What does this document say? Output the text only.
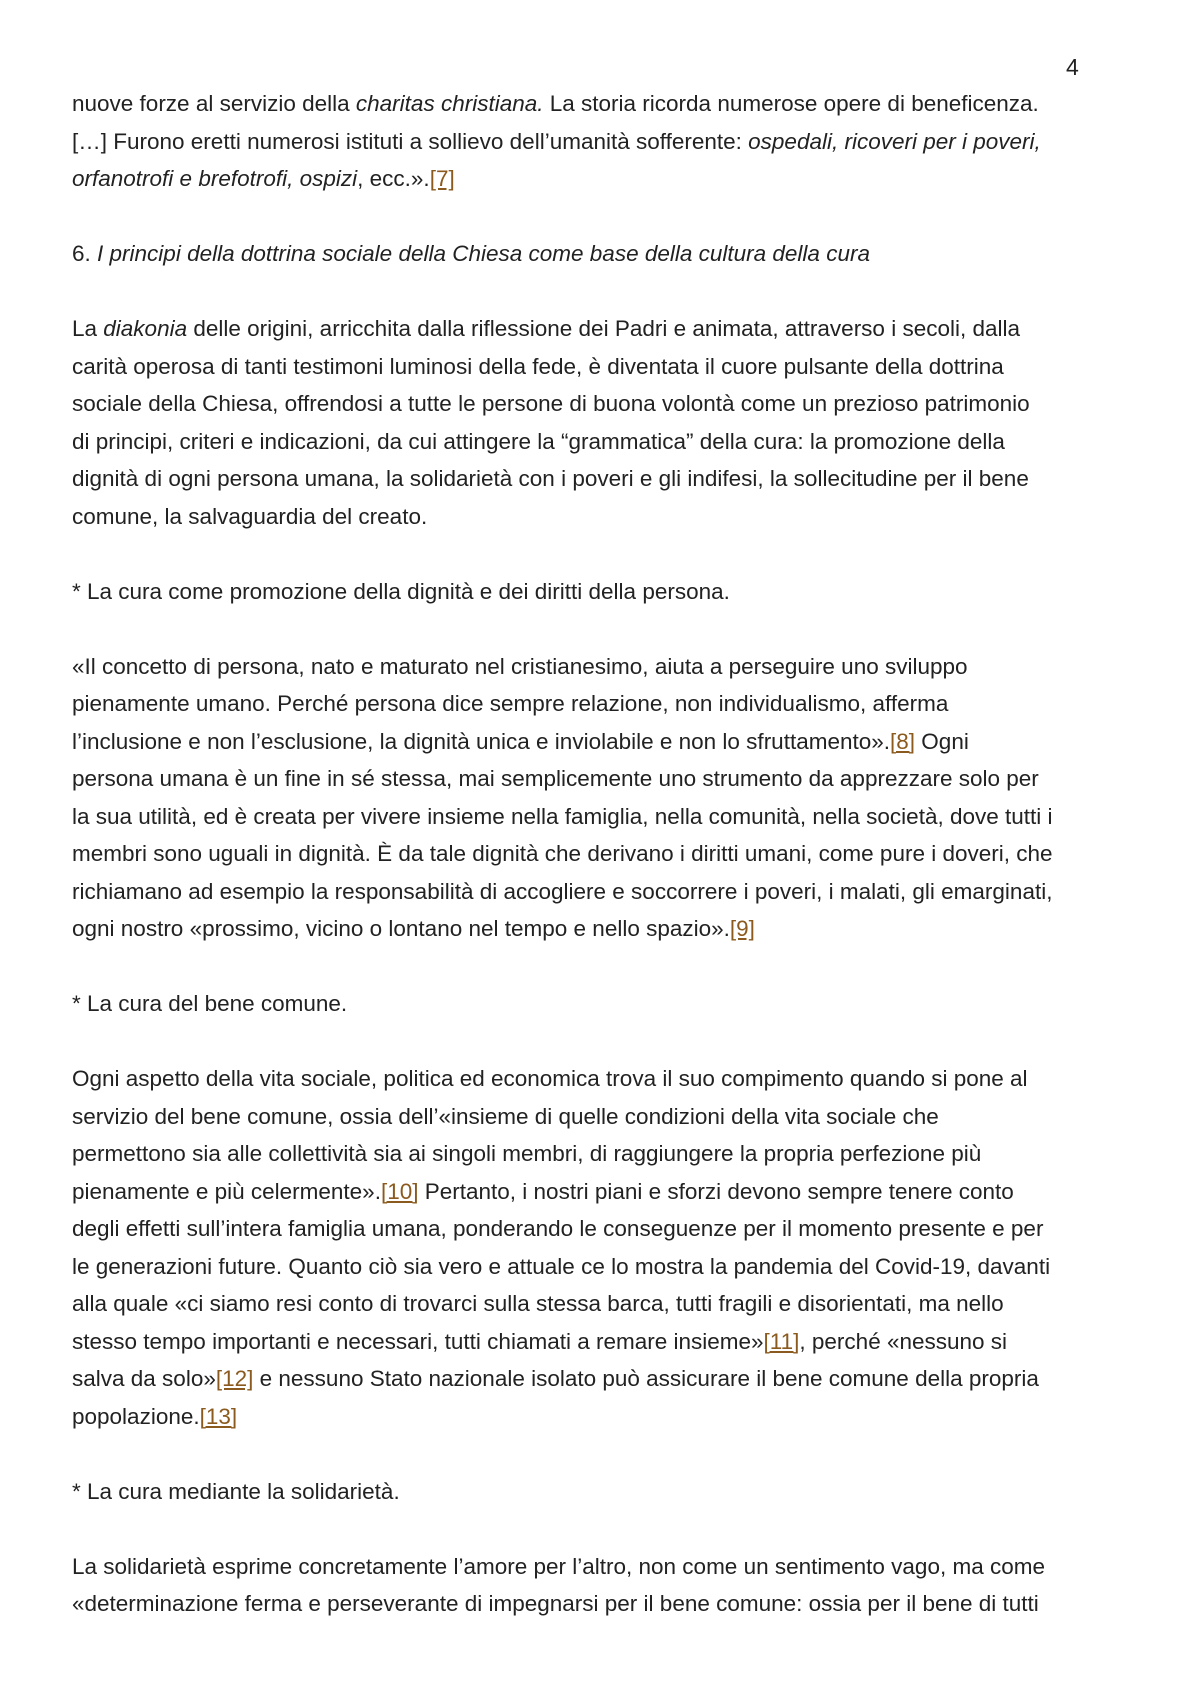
4

nuove forze al servizio della charitas christiana. La storia ricorda numerose opere di beneficenza.
[…] Furono eretti numerosi istituti a sollievo dell’umanità sofferente: ospedali, ricoveri per i poveri,
orfanotrofi e brefotrofi, ospizi, ecc.».[7]

6. I principi della dottrina sociale della Chiesa come base della cultura della cura

La diakonia delle origini, arricchita dalla riflessione dei Padri e animata, attraverso i secoli, dalla
carità operosa di tanti testimoni luminosi della fede, è diventata il cuore pulsante della dottrina
sociale della Chiesa, offrendosi a tutte le persone di buona volontà come un prezioso patrimonio
di principi, criteri e indicazioni, da cui attingere la “grammatica” della cura: la promozione della
dignità di ogni persona umana, la solidarietà con i poveri e gli indifesi, la sollecitudine per il bene
comune, la salvaguardia del creato.

* La cura come promozione della dignità e dei diritti della persona.

«Il concetto di persona, nato e maturato nel cristianesimo, aiuta a perseguire uno sviluppo
pienamente umano. Perché persona dice sempre relazione, non individualismo, afferma
l’inclusione e non l’esclusione, la dignità unica e inviolabile e non lo sfruttamento».[8] Ogni
persona umana è un fine in sé stessa, mai semplicemente uno strumento da apprezzare solo per
la sua utilità, ed è creata per vivere insieme nella famiglia, nella comunità, nella società, dove tutti i
membri sono uguali in dignità. È da tale dignità che derivano i diritti umani, come pure i doveri, che
richiamano ad esempio la responsabilità di accogliere e soccorrere i poveri, i malati, gli emarginati,
ogni nostro «prossimo, vicino o lontano nel tempo e nello spazio».[9]

* La cura del bene comune.

Ogni aspetto della vita sociale, politica ed economica trova il suo compimento quando si pone al
servizio del bene comune, ossia dell’«insieme di quelle condizioni della vita sociale che
permettono sia alle collettività sia ai singoli membri, di raggiungere la propria perfezione più
pienamente e più celermente».[10] Pertanto, i nostri piani e sforzi devono sempre tenere conto
degli effetti sull’intera famiglia umana, ponderando le conseguenze per il momento presente e per
le generazioni future. Quanto ciò sia vero e attuale ce lo mostra la pandemia del Covid-19, davanti
alla quale «ci siamo resi conto di trovarci sulla stessa barca, tutti fragili e disorientati, ma nello
stesso tempo importanti e necessari, tutti chiamati a remare insieme»[11], perché «nessuno si
salva da solo»[12] e nessuno Stato nazionale isolato può assicurare il bene comune della propria
popolazione.[13]

* La cura mediante la solidarietà.

La solidarietà esprime concretamente l’amore per l’altro, non come un sentimento vago, ma come
«determinazione ferma e perseverante di impegnarsi per il bene comune: ossia per il bene di tutti
